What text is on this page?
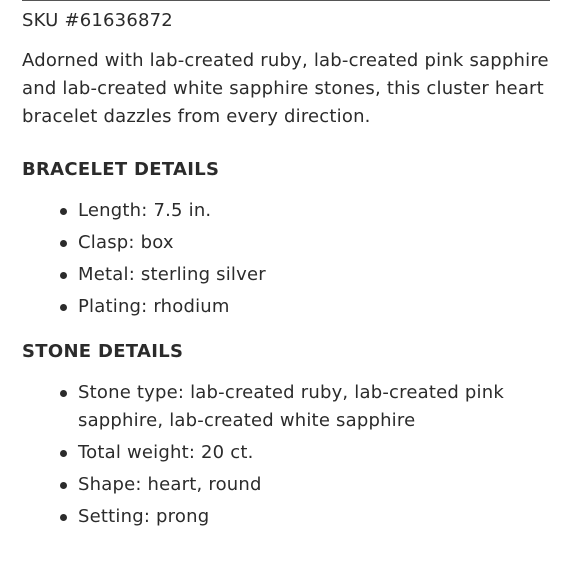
SKU #61636872

Adorned with lab-created ruby, lab-created pink sapphire and lab-created white sapphire stones, this cluster heart bracelet dazzles from every direction.

BRACELET DETAILS
Length: 7.5 in.
Clasp: box
Metal: sterling silver
Plating: rhodium
STONE DETAILS
Stone type: lab-created ruby, lab-created pink sapphire, lab-created white sapphire
Total weight: 20 ct.
Shape: heart, round
Setting: prong
